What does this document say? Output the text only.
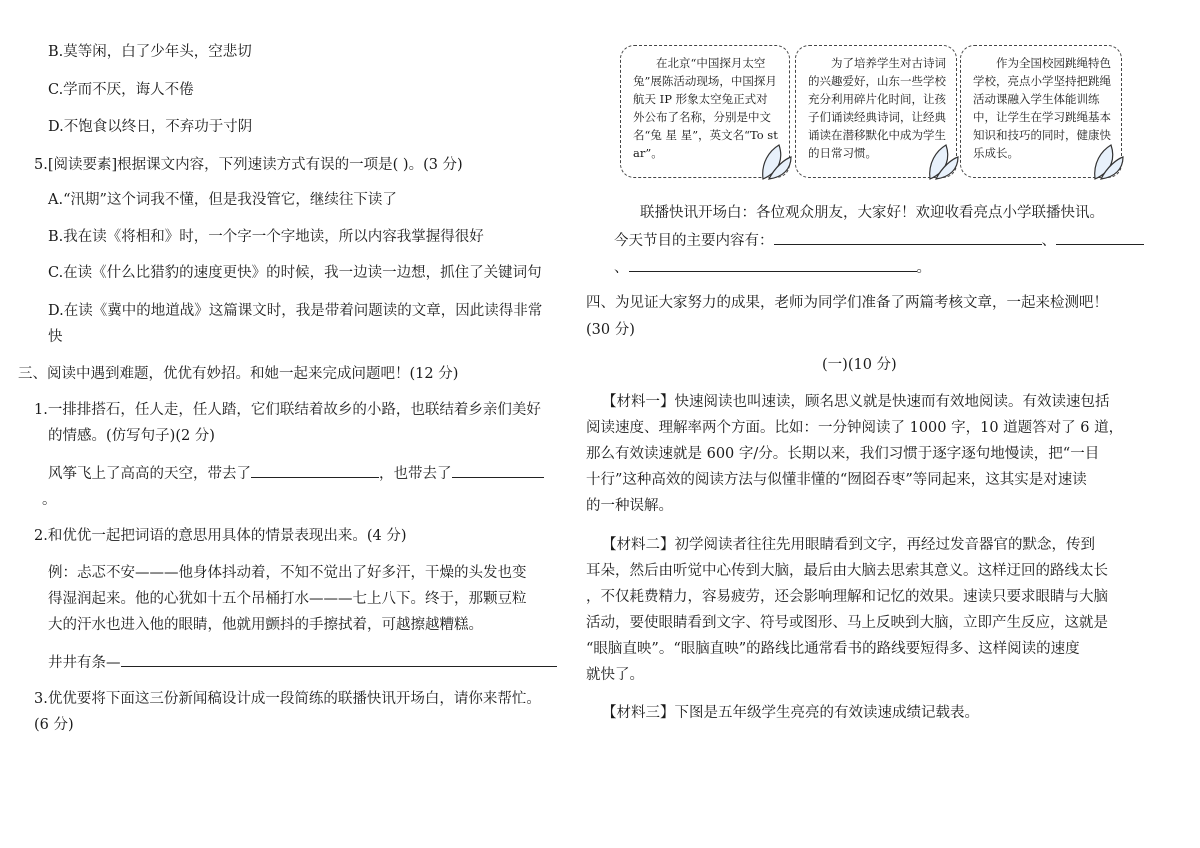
B.莫等闲，白了少年头，空悲切
C.学而不厌，诲人不倦
D.不饱食以终日，不弃功于寸阴
5.[阅读要素]根据课文内容，下列速读方式有误的一项是( )。(3 分)
A.“汛期”这个词我不懂，但是我没管它，继续往下读了
B.我在读《将相和》时，一个字一个字地读，所以内容我掌握得很好
C.在读《什么比猎豹的速度更快》的时候，我一边读一边想，抓住了关键词句
D.在读《冀中的地道战》这篇课文时，我是带着问题读的文章，因此读得非常
快
三、阅读中遇到难题，优优有妙招。和她一起来完成问题吧！(12 分)
1.一排排搭石，任人走，任人踏，它们联结着故乡的小路，也联结着乡亲们美好
的情感。(仿写句子)(2 分)
风筝飞上了高高的天空，带去了	，也带去了
。
2.和优优一起把词语的意思用具体的情景表现出来。(4 分)
例：忐忑不安———他身体抖动着，不知不觉出了好多汗，干燥的头发也变
得湿润起来。他的心犹如十五个吊桶打水———七上八下。终于，那颗豆粒
大的汗水也进入他的眼睛，他就用颤抖的手擦拭着，可越擦越糟糕。
井井有条—
3.优优要将下面这三份新闻稿设计成一段简练的联播快讯开场白，请你来帮忙。
(6 分)

在北京“中国探月太空兔”展陈活动现场，中国探月航天 IP 形象太空兔正式对外公布了名称，分别是中文名“兔 星 星”，英文名“To star”。

为了培养学生对古诗词的兴趣爱好，山东一些学校充分利用碎片化时间，让孩子们诵读经典诗词，让经典诵读在潜移默化中成为学生的日常习惯。

作为全国校园跳绳特色学校，亮点小学坚持把跳绳活动课融入学生体能训练中，让学生在学习跳绳基本知识和技巧的同时，健康快乐成长。

联播快讯开场白：各位观众朋友，大家好！欢迎收看亮点小学联播快讯。
今天节目的主要内容有：	、
、	。
四、为见证大家努力的成果，老师为同学们准备了两篇考核文章，一起来检测吧！
(30 分)
(一)(10 分)
【材料一】快速阅读也叫速读，顾名思义就是快速而有效地阅读。有效读速包括
阅读速度、理解率两个方面。比如：一分钟阅读了 1000 字，10 道题答对了 6 道，
那么有效读速就是 600 字/分。长期以来，我们习惯于逐字逐句地慢读，把“一目
十行”这种高效的阅读方法与似懂非懂的“囫囵吞枣”等同起来，这其实是对速读
的一种误解。
【材料二】初学阅读者往往先用眼睛看到文字，再经过发音器官的默念，传到
耳朵，然后由听觉中心传到大脑，最后由大脑去思索其意义。这样迂回的路线太长
，不仅耗费精力，容易疲劳，还会影响理解和记忆的效果。速读只要求眼睛与大脑
活动，要使眼睛看到文字、符号或图形、马上反映到大脑，立即产生反应，这就是
“眼脑直映”。“眼脑直映”的路线比通常看书的路线要短得多、这样阅读的速度
就快了。
【材料三】下图是五年级学生亮亮的有效读速成绩记载表。
